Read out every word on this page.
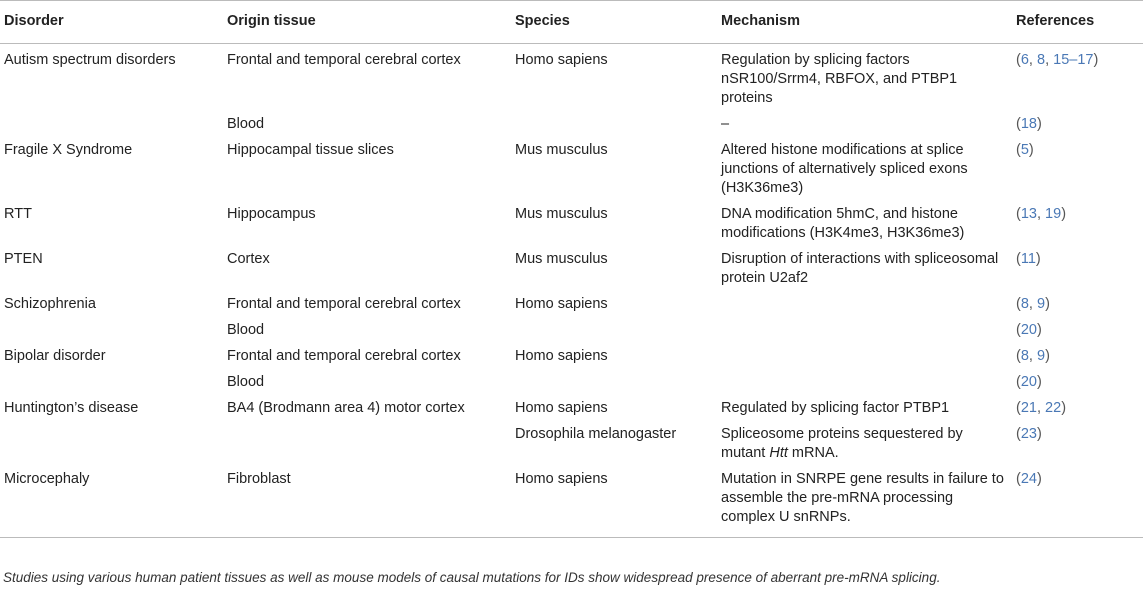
Disorder	Origin tissue	Species	Mechanism	References
Autism spectrum disorders	Frontal and temporal cerebral cortex	Homo sapiens	Regulation by splicing factors nSR100/Srrm4, RBFOX, and PTBP1 proteins	(6, 8, 15–17)
	Blood		–	(18)
Fragile X Syndrome	Hippocampal tissue slices	Mus musculus	Altered histone modifications at splice junctions of alternatively spliced exons (H3K36me3)	(5)
RTT	Hippocampus	Mus musculus	DNA modification 5hmC, and histone modifications (H3K4me3, H3K36me3)	(13, 19)
PTEN	Cortex	Mus musculus	Disruption of interactions with spliceosomal protein U2af2	(11)
Schizophrenia	Frontal and temporal cerebral cortex	Homo sapiens		(8, 9)
	Blood			(20)
Bipolar disorder	Frontal and temporal cerebral cortex	Homo sapiens		(8, 9)
	Blood			(20)
Huntington’s disease	BA4 (Brodmann area 4) motor cortex	Homo sapiens	Regulated by splicing factor PTBP1	(21, 22)
		Drosophila melanogaster	Spliceosome proteins sequestered by mutant Htt mRNA.	(23)
Microcephaly	Fibroblast	Homo sapiens	Mutation in SNRPE gene results in failure to assemble the pre-mRNA processing complex U snRNPs.	(24)
Studies using various human patient tissues as well as mouse models of causal mutations for IDs show widespread presence of aberrant pre-mRNA splicing.
